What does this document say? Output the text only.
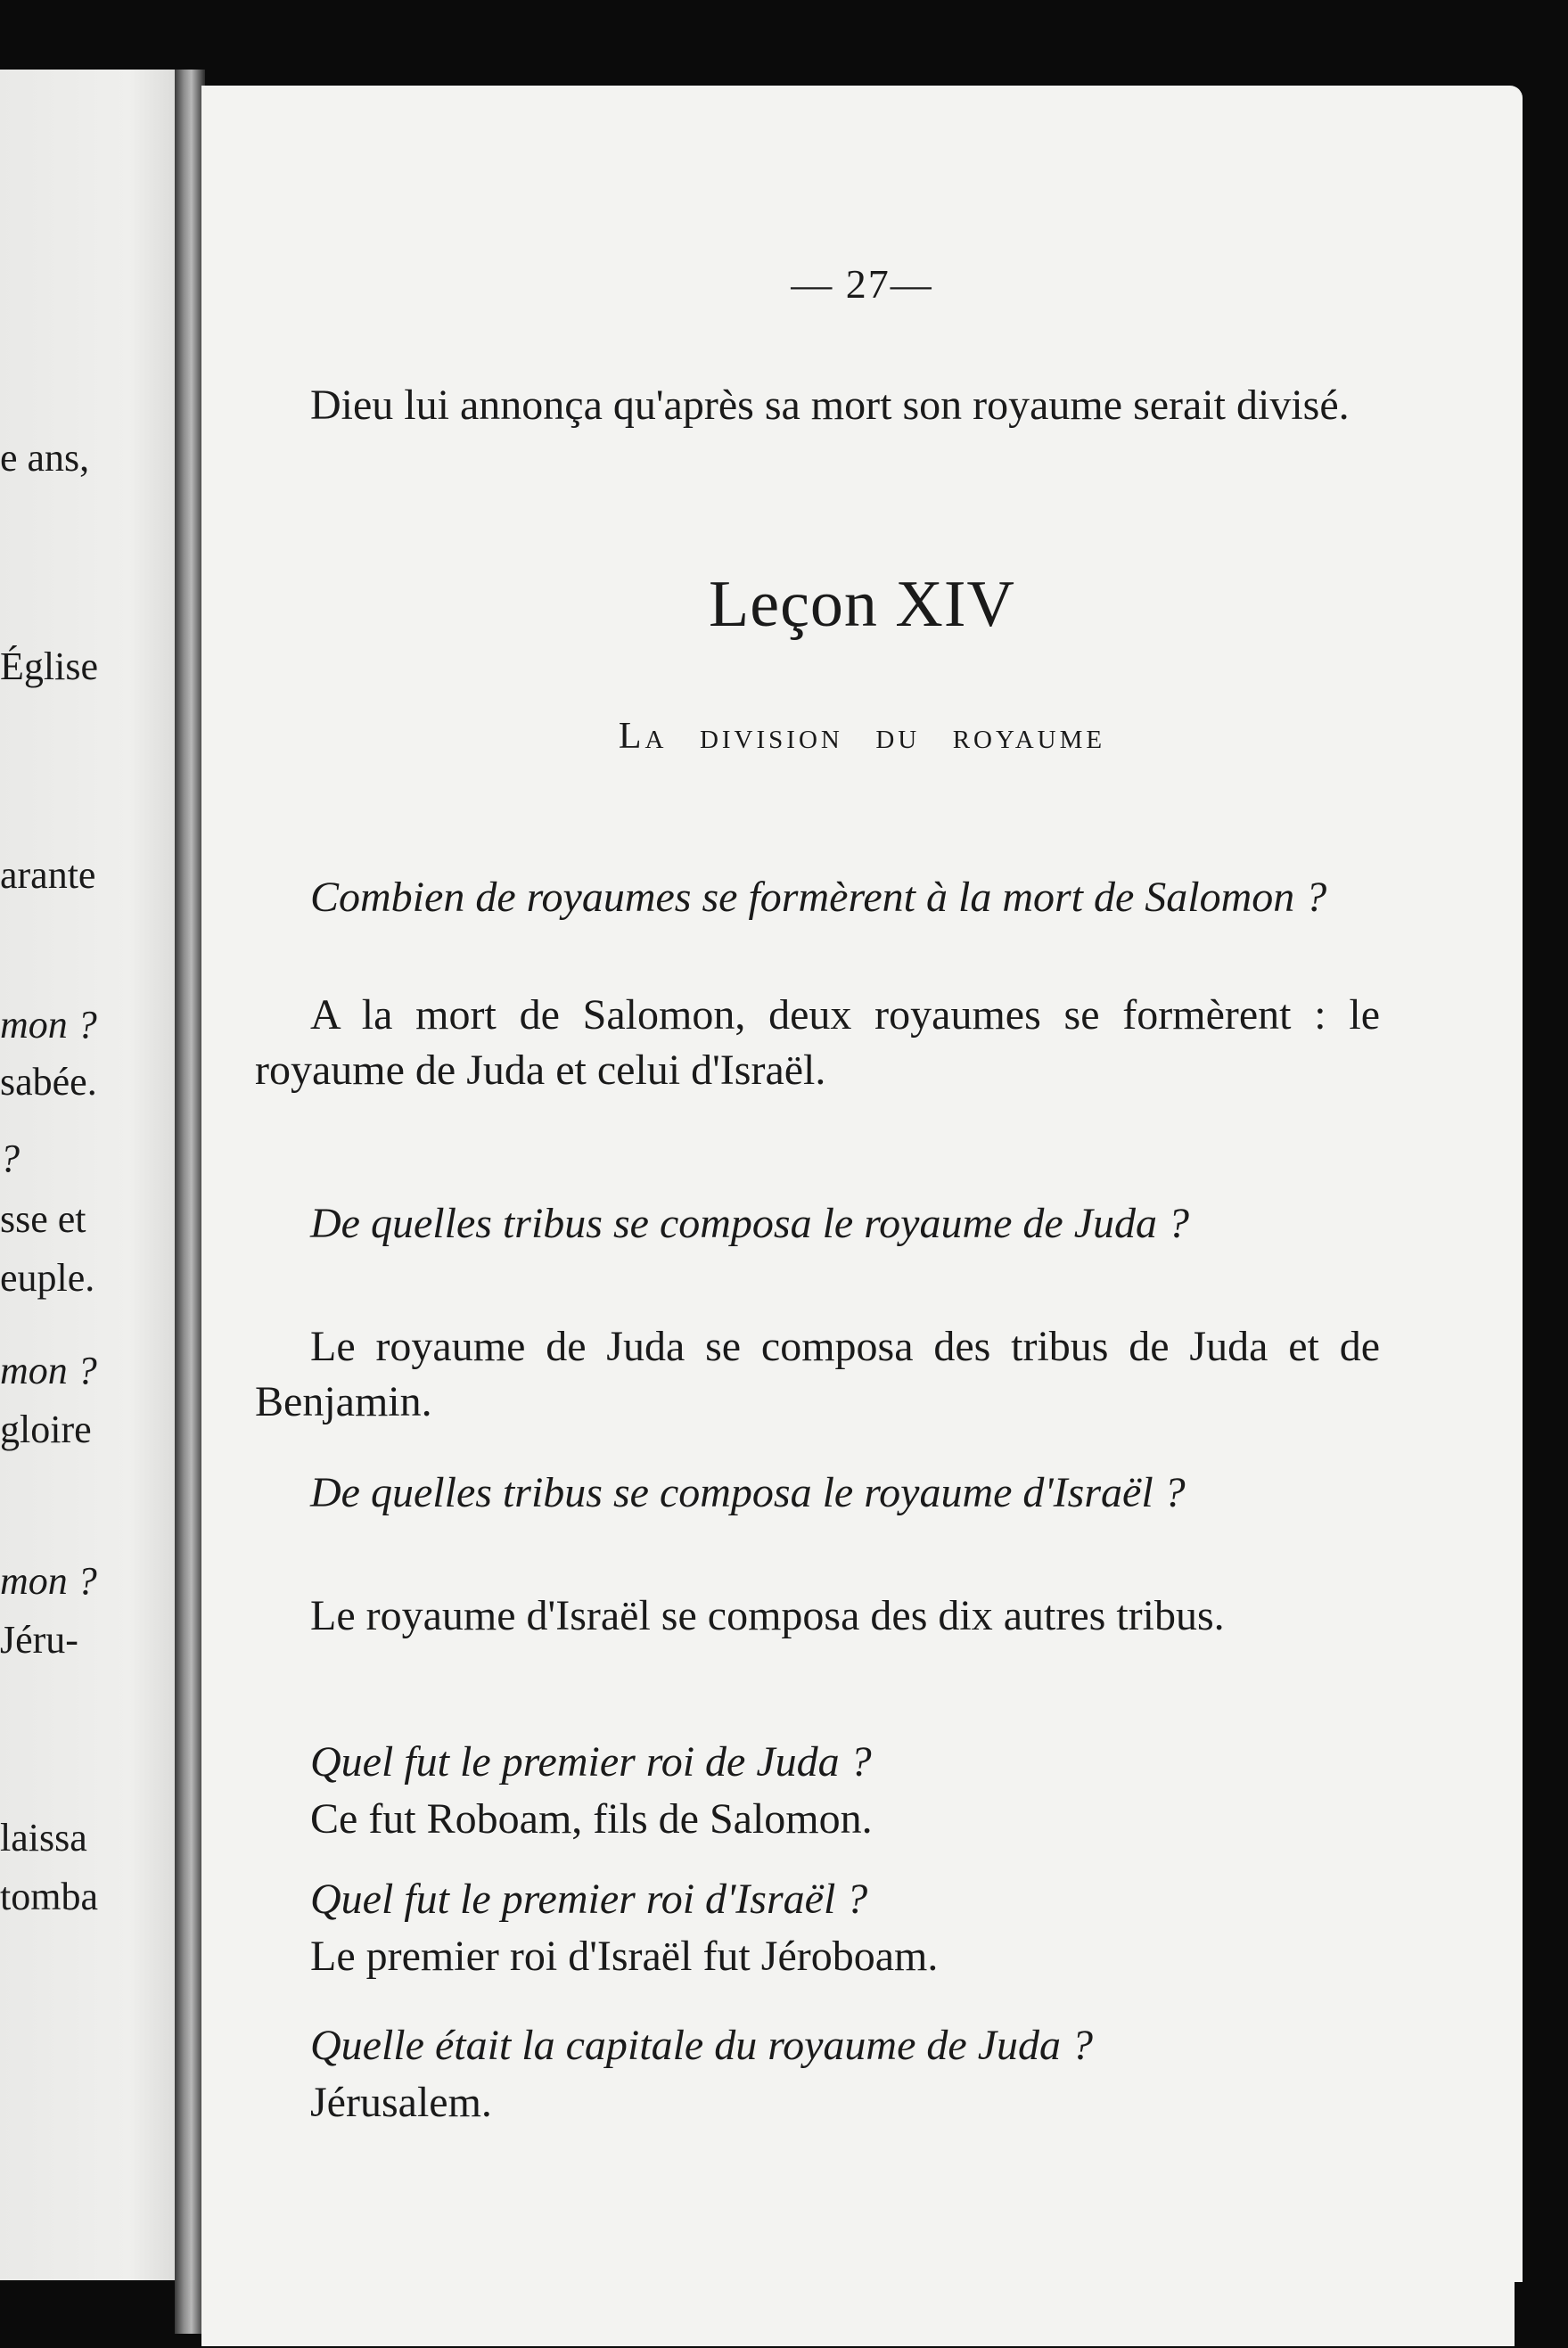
e ans,
Église
arante
mon ?
sabée.
?
sse et
euple.
mon ?
gloire
mon ?
Jéru-
laissa
tomba
— 27—
Dieu lui annonça qu'après sa mort son royaume serait divisé.
Leçon XIV
La division du royaume
Combien de royaumes se formèrent à la mort de Salomon ?
A la mort de Salomon, deux royaumes se formèrent : le royaume de Juda et celui d'Israël.
De quelles tribus se composa le royaume de Juda ?
Le royaume de Juda se composa des tribus de Juda et de Benjamin.
De quelles tribus se composa le royaume d'Israël ?
Le royaume d'Israël se composa des dix autres tribus.
Quel fut le premier roi de Juda ?
Ce fut Roboam, fils de Salomon.
Quel fut le premier roi d'Israël ?
Le premier roi d'Israël fut Jéroboam.
Quelle était la capitale du royaume de Juda ?
Jérusalem.
